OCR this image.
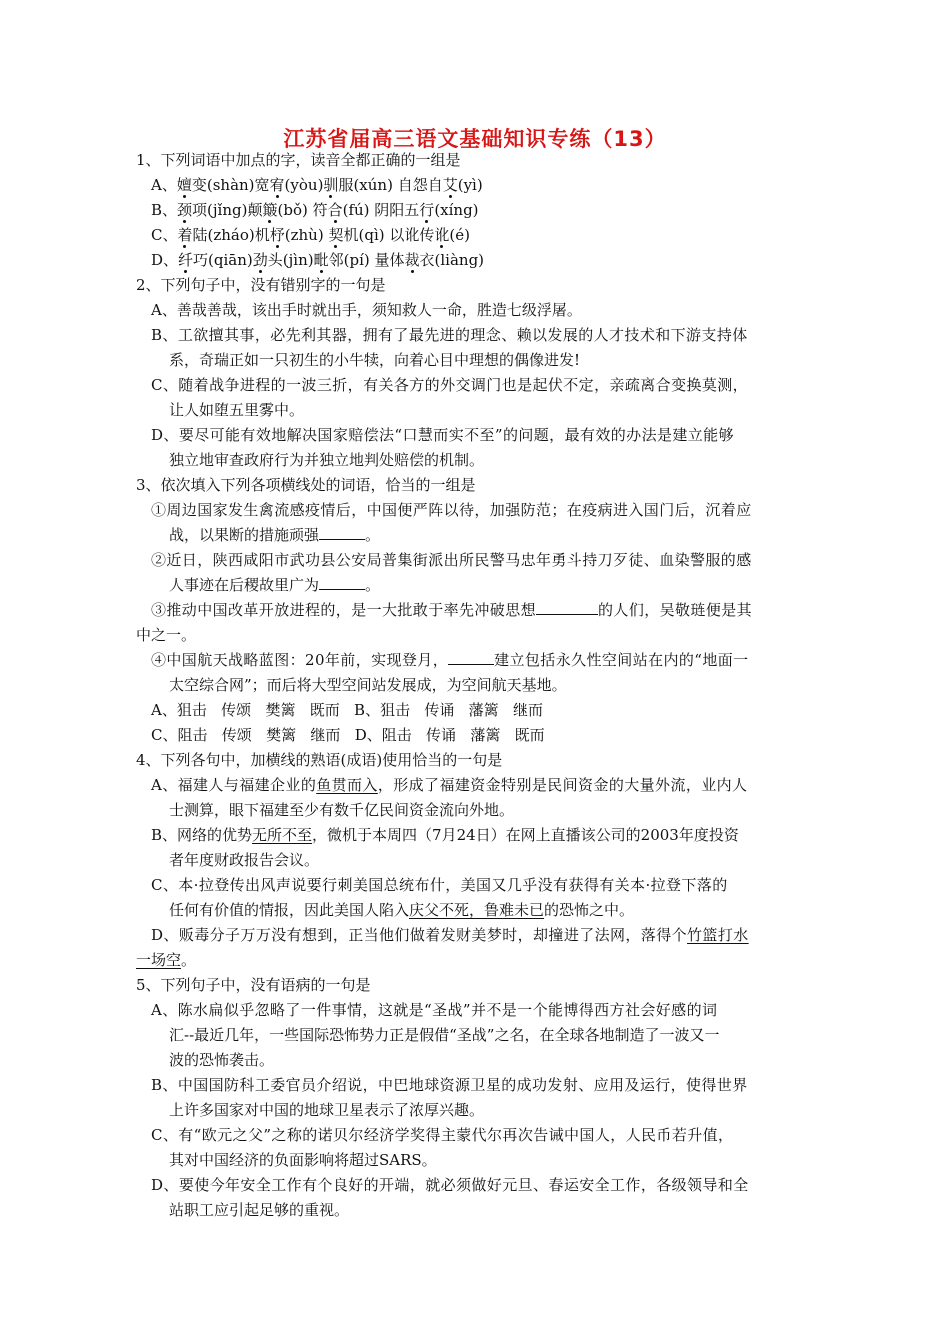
江苏省届高三语文基础知识专练（13）
1、下列词语中加点的字，读音全都正确的一组是
A、嬗变(shàn)宽宥(yòu)驯服(xún) 自怨自艾(yì)
B、颈项(jǐng)颠簸(bǒ) 符合(fú) 阴阳五行(xíng)
C、着陆(zháo)机杼(zhù) 契机(qì) 以讹传讹(é)
D、纤巧(qiān)劲头(jìn)毗邻(pí) 量体裁衣(liàng)
2、下列句子中，没有错别字的一句是
A、善哉善哉，该出手时就出手，须知救人一命，胜造七级浮屠。
B、工欲擅其事，必先利其器，拥有了最先进的理念、赖以发展的人才技术和下游支持体
系，奇瑞正如一只初生的小牛犊，向着心目中理想的偶像进发!
C、随着战争进程的一波三折，有关各方的外交调门也是起伏不定，亲疏离合变换莫测，
让人如堕五里雾中。
D、要尽可能有效地解决国家赔偿法“口慧而实不至”的问题，最有效的办法是建立能够
独立地审查政府行为并独立地判处赔偿的机制。
3、依次填入下列各项横线处的词语，恰当的一组是
①周边国家发生禽流感疫情后，中国便严阵以待，加强防范；在疫病进入国门后，沉着应
战，以果断的措施顽强	。
②近日，陕西咸阳市武功县公安局普集街派出所民警马忠年勇斗持刀歹徒、血染警服的感
人事迹在后稷故里广为	。
③推动中国改革开放进程的，是一大批敢于率先冲破思想	的人们，吴敬琏便是其
中之一。
④中国航天战略蓝图：20年前，实现登月，	建立包括永久性空间站在内的“地面一
太空综合网”；而后将大型空间站发展成，为空间航天基地。
A、狙击   传颂   樊篱   既而   B、狙击   传诵   藩篱   继而
C、阻击   传颂   樊篱   继而   D、阻击   传诵   藩篱   既而
4、下列各句中，加横线的熟语(成语)使用恰当的一句是
A、福建人与福建企业的鱼贯而入，形成了福建资金特别是民间资金的大量外流，业内人
士测算，眼下福建至少有数千亿民间资金流向外地。
B、网络的优势无所不至，微机于本周四（7月24日）在网上直播该公司的2003年度投资
者年度财政报告会议。
C、本·拉登传出风声说要行刺美国总统布什，美国又几乎没有获得有关本·拉登下落的
任何有价值的情报，因此美国人陷入庆父不死，鲁难未已的恐怖之中。
D、贩毒分子万万没有想到，正当他们做着发财美梦时，却撞进了法网，落得个竹篮打水
一场空。
5、下列句子中，没有语病的一句是
A、陈水扁似乎忽略了一件事情，这就是“圣战”并不是一个能博得西方社会好感的词
汇--最近几年，一些国际恐怖势力正是假借“圣战”之名，在全球各地制造了一波又一
波的恐怖袭击。
B、中国国防科工委官员介绍说，中巴地球资源卫星的成功发射、应用及运行，使得世界
上许多国家对中国的地球卫星表示了浓厚兴趣。
C、有“欧元之父”之称的诺贝尔经济学奖得主蒙代尔再次告诫中国人，人民币若升值，
其对中国经济的负面影响将超过SARS。
D、要使今年安全工作有个良好的开端，就必须做好元旦、春运安全工作，各级领导和全
站职工应引起足够的重视。
